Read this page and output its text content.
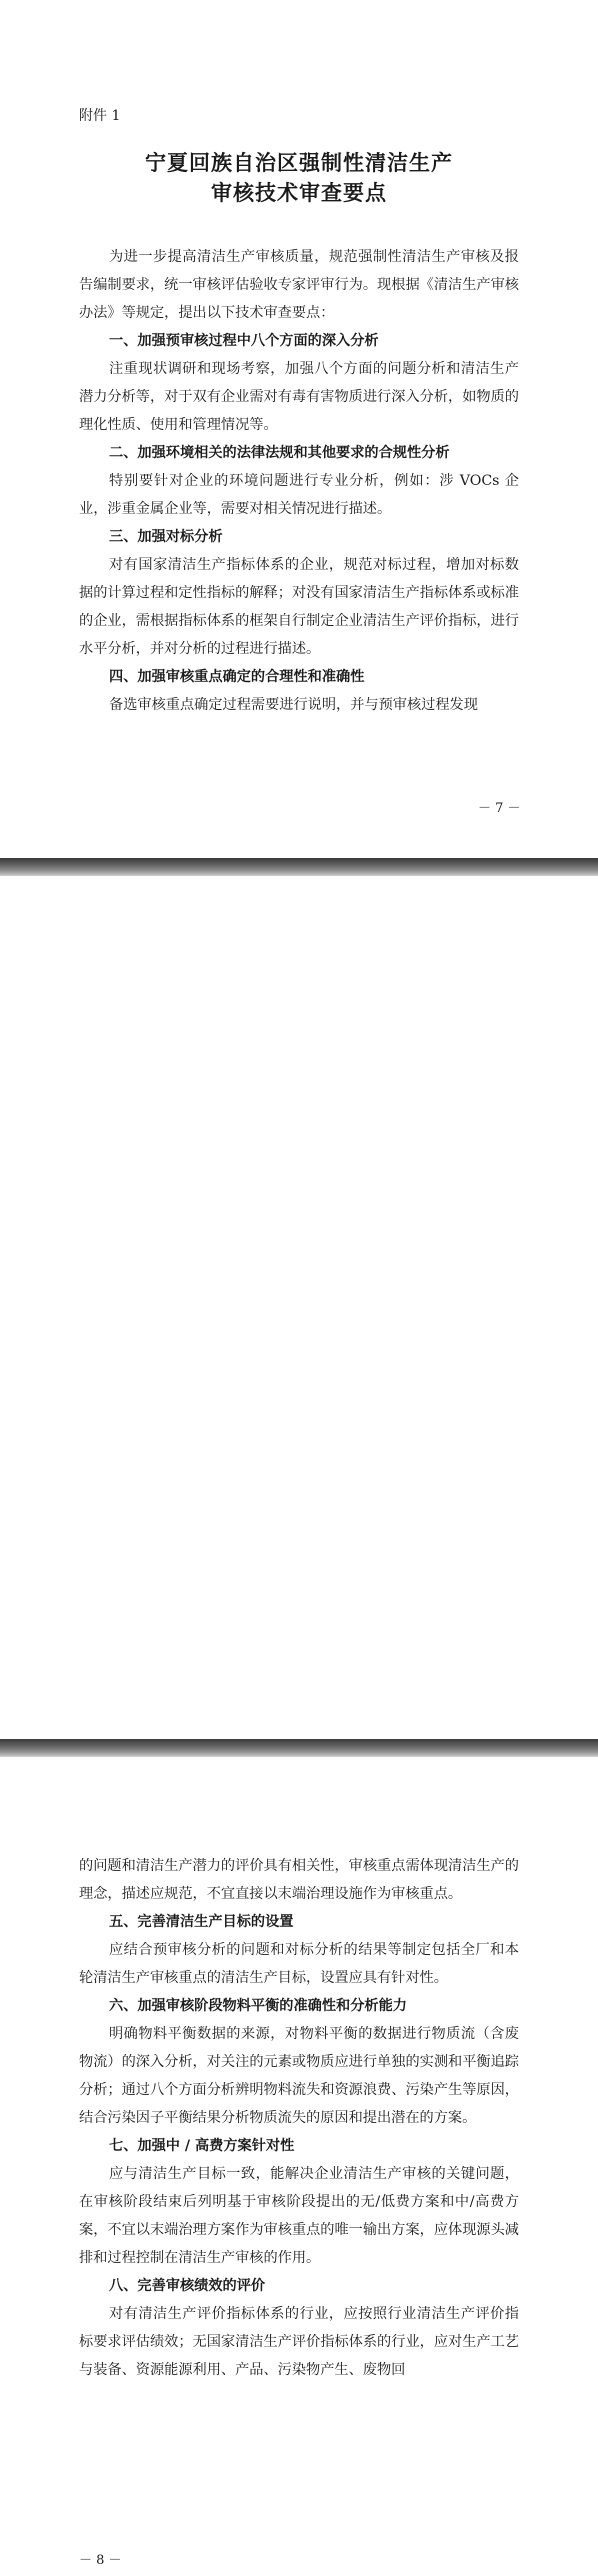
附件 1
宁夏回族自治区强制性清洁生产
审核技术审查要点

为进一步提高清洁生产审核质量，规范强制性清洁生产审核及报告编制要求，统一审核评估验收专家评审行为。现根据《清洁生产审核办法》等规定，提出以下技术审查要点：

一、加强预审核过程中八个方面的深入分析

注重现状调研和现场考察，加强八个方面的问题分析和清洁生产潜力分析等，对于双有企业需对有毒有害物质进行深入分析，如物质的理化性质、使用和管理情况等。

二、加强环境相关的法律法规和其他要求的合规性分析

特别要针对企业的环境问题进行专业分析，例如：涉 VOCs 企业，涉重金属企业等，需要对相关情况进行描述。

三、加强对标分析

对有国家清洁生产指标体系的企业，规范对标过程，增加对标数据的计算过程和定性指标的解释；对没有国家清洁生产指标体系或标准的企业，需根据指标体系的框架自行制定企业清洁生产评价指标，进行水平分析，并对分析的过程进行描述。

四、加强审核重点确定的合理性和准确性

备选审核重点确定过程需要进行说明，并与预审核过程发现

－ 7 －

的问题和清洁生产潜力的评价具有相关性，审核重点需体现清洁生产的理念，描述应规范，不宜直接以末端治理设施作为审核重点。

五、完善清洁生产目标的设置

应结合预审核分析的问题和对标分析的结果等制定包括全厂和本轮清洁生产审核重点的清洁生产目标，设置应具有针对性。

六、加强审核阶段物料平衡的准确性和分析能力

明确物料平衡数据的来源，对物料平衡的数据进行物质流（含废物流）的深入分析，对关注的元素或物质应进行单独的实测和平衡追踪分析；通过八个方面分析辨明物料流失和资源浪费、污染产生等原因，结合污染因子平衡结果分析物质流失的原因和提出潜在的方案。

七、加强中 / 高费方案针对性

应与清洁生产目标一致，能解决企业清洁生产审核的关键问题，在审核阶段结束后列明基于审核阶段提出的无/低费方案和中/高费方案，不宜以末端治理方案作为审核重点的唯一输出方案，应体现源头减排和过程控制在清洁生产审核的作用。

八、完善审核绩效的评价

对有清洁生产评价指标体系的行业，应按照行业清洁生产评价指标要求评估绩效；无国家清洁生产评价指标体系的行业，应对生产工艺与装备、资源能源利用、产品、污染物产生、废物回

－ 8 －
